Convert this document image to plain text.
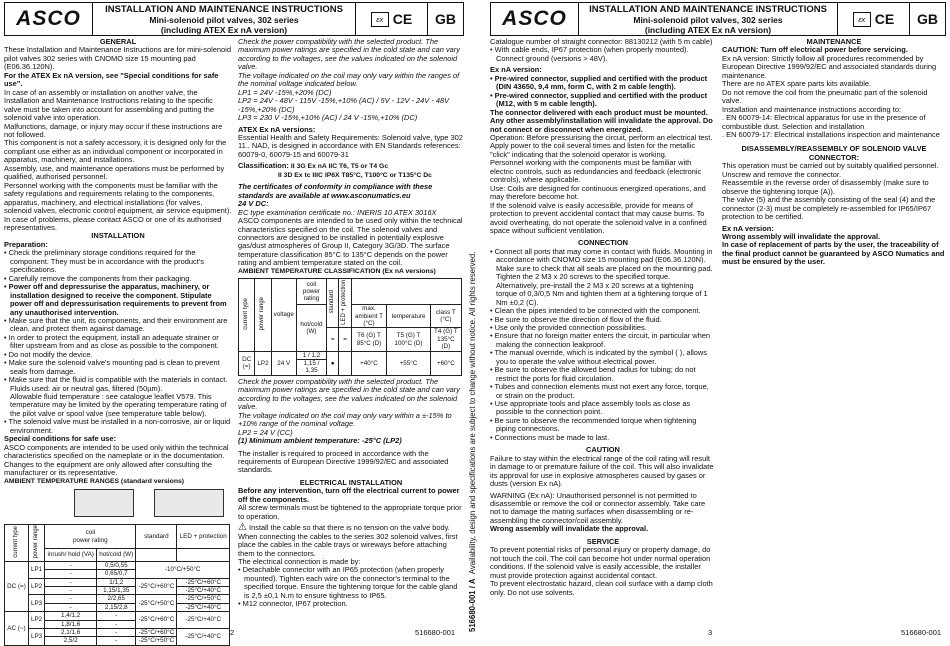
ASCO	INSTALLATION AND MAINTENANCE INSTRUCTIONS
Mini-solenoid pilot valves, 302 series
(including ATEX Ex nA version)
εx CE	GB

GENERAL

These Installation and Maintenance Instructions are for mini-solenoid pilot valves 302 series with CNOMO size 15 mounting pad (E06.36.120N).

For the ATEX Ex nA version, see "Special conditions for safe use".

In case of an assembly or installation on another valve, the Installation and Maintenance Instructions relating to the specific valve must be taken into account for assembling and putting the solenoid valve into operation.

Malfunctions, damage, or injury may occur if these instructions are not followed.

This component is not a safety accessory, it is designed only for the compliant use either as an individual component or incorporated in apparatus, machinery, and installations.

Assembly, use, and maintenance operations must be performed by qualified, authorised personnel.

Personnel working with the components must be familiar with the safety regulations and requirements relating to the components, apparatus, machinery, and electrical installations (for valves, solenoid valves, electronic control equipment, air service equipment).

In case of problems, please contact ASCO or one of its authorised representatives.

INSTALLATION

Preparation:

• Check the preliminary storage conditions required for the component. They must be in accordance with the product's specifications.

• Carefully remove the components from their packaging.

• Power off and depressurise the apparatus, machinery, or installation designed to receive the component. Stipulate power off and depressurisation requirements to prevent from any unauthorised intervention.

• Make sure that the unit, its components, and their environment are clean, and protect them against damage.

• In order to protect the equipment, install an adequate strainer or filter upstream from and as close as possible to the component.

• Do not modify the device.

• Make sure the solenoid valve's mounting pad is clean to prevent seals from damage.

• Make sure that the fluid is compatible with the materials in contact.

Fluids used: air or neutral gas, filtered (50µm).

Allowable fluid temperature : see catalogue leaflet V579. This temperature may be limited by the operating temperature rating of the pilot valve or spool valve (see temperature table below).

• The solenoid valve must be installed in a non-corrosive, air or liquid environment.

Special conditions for safe use:

ASCO components are intended to be used only within the technical characteristics specified on the nameplate or in the documentation. Changes to the equipment are only allowed after consulting the manufacturer or its representative.

AMBIENT TEMPERATURE RANGES (standard versions)

current type	power range	coil
power rating		standard	LED + protection
		inrush/ hold (VA)	hot/cold (W)		
DC (=)	LP1	-	0,5/0,55	-10°C/+50°C	
		-	0,65/0,7		
	LP2	-	1/1,2	-25°C/+60°C	-25°C/+60°C
		-	1,15/1,35		-25°C/+40°C
	LP3	-	2/2,65	-25°C/+50°C	-25°C/+50°C
		-	2,15/2,8		-25°C/+40°C
AC (~)	LP2	1,4/1,2	-	-25°C/+60°C	-25°C/+40°C
		1,8/1,6	-		
	LP3	2,1/1,6	-	-25°C/+60°C	-25°C/+40°C
		2,5/2	-	-25°C/+50°C	

Check the power compatibility with the selected product. The maximum power ratings are specified in the cold state and can vary according to the voltages, see the values indicated on the solenoid valve.

The voltage indicated on the coil may only vary within the ranges of the nominal voltage indicated below.

LP1 = 24V -15%,+20% (DC)

LP2 = 24V - 48V - 115V -15%,+10% (AC) / 5V - 12V - 24V - 48V -15%,+20% (DC)

LP3 = 230 V -15%,+10% (AC) / 24 V -15%,+10% (DC)

ATEX Ex nA versions:

Essential Health and Safety Requirements: Solenoid valve, type 302 11.. NAD, is designed in accordance with EN Standards references: 60079-0, 60079-15 and 60079-31

Classification: II 3G Ex nA IIC T6, T5 or T4 Gc

II 3D Ex tc IIIC IP6X T85°C, T100°C or T135°C Dc

The certificates of conformity in compliance with these standards are available at www.asconumatics.eu

24 V DC:

EC type examination certificate no.: INERIS 10 ATEX 3016X

ASCO components are intended to be used only within the technical characteristics specified on the coil. The solenoid valves and connectors are designed to be installed in potentially explosive gas/dust atmospheres of Group II, Category 3G/3D. The surface temperature classification 85°C to 135°C depends on the power rating and ambient temperature stated on the coil.

AMBIENT TEMPERATURE CLASSIFICATION (Ex nA versions)

current type	power range	voltage	coil
power rating	standard	LED + protection			
			hot/cold (W)			max. ambient T (°C)	temperature	class T (°C)
				=	=	T6 (G) T 85°C (D)	T5 (G) T 100°C (D)	T4 (G) T 135°C (D)
DC (=)	LP2	24 V	1 / 1,2	●		+40°C	+55°C	+60°C
			1,15 / 1,35					

Check the power compatibility with the selected product. The maximum power ratings are specified in the cold state and can vary according to the voltages, see the values indicated on the solenoid valve.

The voltage indicated on the coil may only vary within a ±-15% to +10% range of the nominal voltage.

LP2 = 24 V (CC)

(1) Minimum ambient temperature: -25°C (LP2)

The installer is required to proceed in accordance with the requirements of European Directive 1999/92/EC and associated standards.

ELECTRICAL INSTALLATION

Before any intervention, turn off the electrical current to power off the components.

All screw terminals must be tightened to the appropriate torque prior to operation.

⚠ Install the cable so that there is no tension on the valve body.

When connecting the cables to the series 302 solenoid valves, first place the cables in the cable trays or wireways before attaching them to the connectors.

The electrical connection is made by:

• Detachable connector with an IP65 protection (when properly mounted). Tighten each wire on the connector's terminal to the specified torque. Ensure the tightening torque for the cable gland is 2,5 ±0,1 N.m to ensure tightness to IP65.

• M12 connector, IP67 protection.

2	516680-001
516680-001 / A  Availability, design and specifications are subject to change without notice. All rights reserved.
ASCO	INSTALLATION AND MAINTENANCE INSTRUCTIONS
Mini-solenoid pilot valves, 302 series
(including ATEX Ex nA version)
εx CE	GB

Catalogue number of straight connector: 88130212 (with 5 m cable)

• With cable ends, IP67 protection (when properly mounted). Connect ground (versions > 48V).

Ex nA version:

• Pre-wired connector, supplied and certified with the product (DIN 43650, 9,4 mm, form C, with 2 m cable length).

• Pre-wired connector, supplied and certified with the product (M12, with 5 m cable length).

The connector delivered with each product must be mounted. Any other assembly/installation will invalidate the approval. Do not connect or disconnect when energized.

Operation: Before pressurising the circuit, perform an electrical test. Apply power to the coil several times and listen for the metallic "click" indicating that the solenoid operator is working.

Personnel working with the components must be familiar with electric controls, such as redundancies and feedback (electronic controls), where applicable.

Use: Coils are designed for continuous energized operations, and may therefore become hot.

If the solenoid valve is easily accessible, provide for means of protection to prevent accidental contact that may cause burns. To avoid overheating, do not operate the solenoid valve in a confined space without sufficient ventilation.

CONNECTION

• Connect all ports that may come in contact with fluids. Mounting in accordance with CNOMO size 15 mounting pad (E06.36.120N). Make sure to check that all seals are placed on the mounting pad. Tighten the 2 M3 x 20 screws to the specified torque.

Alternatively, pre-install the 2 M3 x 20 screws at a tightening torque of 0,3/0,5 Nm and tighten them at a tightening torque of 1 Nm ±0,2 (C).

• Clean the pipes intended to be connected with the component.

• Be sure to observe the direction of flow of the fluid.

• Use only the provided connection possibilities.

• Ensure that no foreign matter enters the circuit, in particular when making the connection leakproof.

• The manual override, which is indicated by the symbol ( ), allows you to operate the valve without electrical power.

• Be sure to observe the allowed bend radius for tubing; do not restrict the ports for fluid circulation.

• Tubes and connection elements must not exert any force, torque, or strain on the product.

• Use appropriate tools and place assembly tools as close as possible to the connection point.

• Be sure to observe the recommended torque when tightening piping connections.

• Connections must be made to last.

CAUTION

Failure to stay within the electrical range of the coil rating will result in damage to or premature failure of the coil. This will also invalidate its approval for use in explosive atmospheres caused by gases or dusts (version Ex nA).

WARNING (Ex nA): Unauthorised personnel is not permitted to disassemble or remove the coil or connector assembly. Take care not to damage the mating surfaces when disassembling or re-assembling the connector/coil assembly.

Wrong assembly will invalidate the approval.

SERVICE

To prevent potential risks of personal injury or property damage, do not touch the coil. The coil can become hot under normal operation conditions. If the solenoid valve is easily accessible, the installer must provide protection against accidental contact.

To prevent electrostatic hazard, clean coil surface with a damp cloth only. Do not use solvents.

MAINTENANCE

CAUTION: Turn off electrical power before servicing.

Ex nA version: Strictly follow all procedures recommended by European Directive 1999/92/EC and associated standards during maintenance.

There are no ATEX spare parts kits available.

Do not remove the coil from the pneumatic part of the solenoid valve.

Installation and maintenance instructions according to:

. EN 60079-14: Electrical apparatus for use in the presence of combustible dust. Selection and installation

. EN 60079-17: Electrical installations inspection and maintenance

DISASSEMBLY/REASSEMBLY OF SOLENOID VALVE CONNECTOR:

This operation must be carried out by suitably qualified personnel.

Unscrew and remove the connector.

Reassemble in the reverse order of disassembly (make sure to observe the tightening torque (A)).

The valve (5) and the assembly consisting of the seal (4) and the connector (2-3) must be completely re-assembled for IP65/IP67 protection to be certified.

Ex nA version:

Wrong assembly will invalidate the approval.

In case of replacement of parts by the user, the traceability of the final product cannot be guaranteed by ASCO Numatics and must be ensured by the user.

3	516680-001
